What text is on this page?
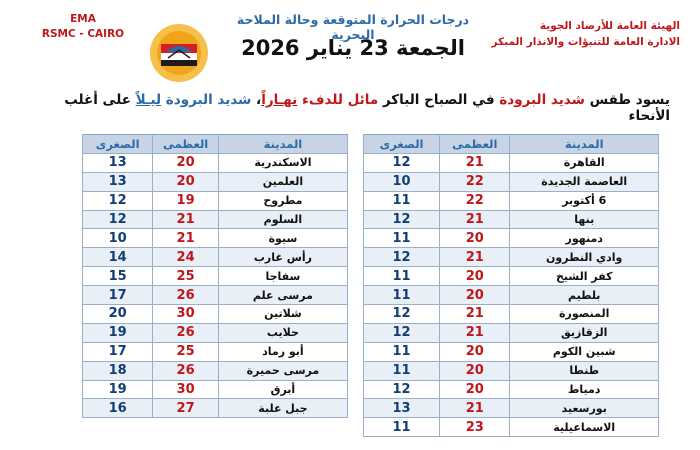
EMA
RSMC - CAIRO
درجات الحرارة المتوقعة وحالة الملاحة البحرية
الجمعة 23 يناير 2026
الهيئة العامة للأرصاد الجوية
الادارة العامة للتنبؤات والانذار المبكر
يسود طقس شديد البرودة في الصباح الباكر مائل للدفء نهـاراً، شديد البرودة ليـلاً على أغلب الأنحاء
المدينة	العظمى	الصغرى
القاهرة	21	12
العاصمة الجديدة	22	10
6 أكتوبر	22	11
بنها	21	12
دمنهور	20	11
وادي النطرون	21	12
كفر الشيخ	20	11
بلطيم	20	11
المنصورة	21	12
الزقازيق	21	12
شبين الكوم	20	11
طنطا	20	11
دمياط	20	12
بورسعيد	21	13
الاسماعيلية	23	11
المدينة	العظمى	الصغرى
الاسكندرية	20	13
العلمين	20	13
مطروح	19	12
السلوم	21	12
سيوة	21	10
رأس غارب	24	14
سفاجا	25	15
مرسى علم	26	17
شلاتين	30	20
حلايب	26	19
أبو رماد	25	17
مرسى حميرة	26	18
أبرق	30	19
جبل علبة	27	16
